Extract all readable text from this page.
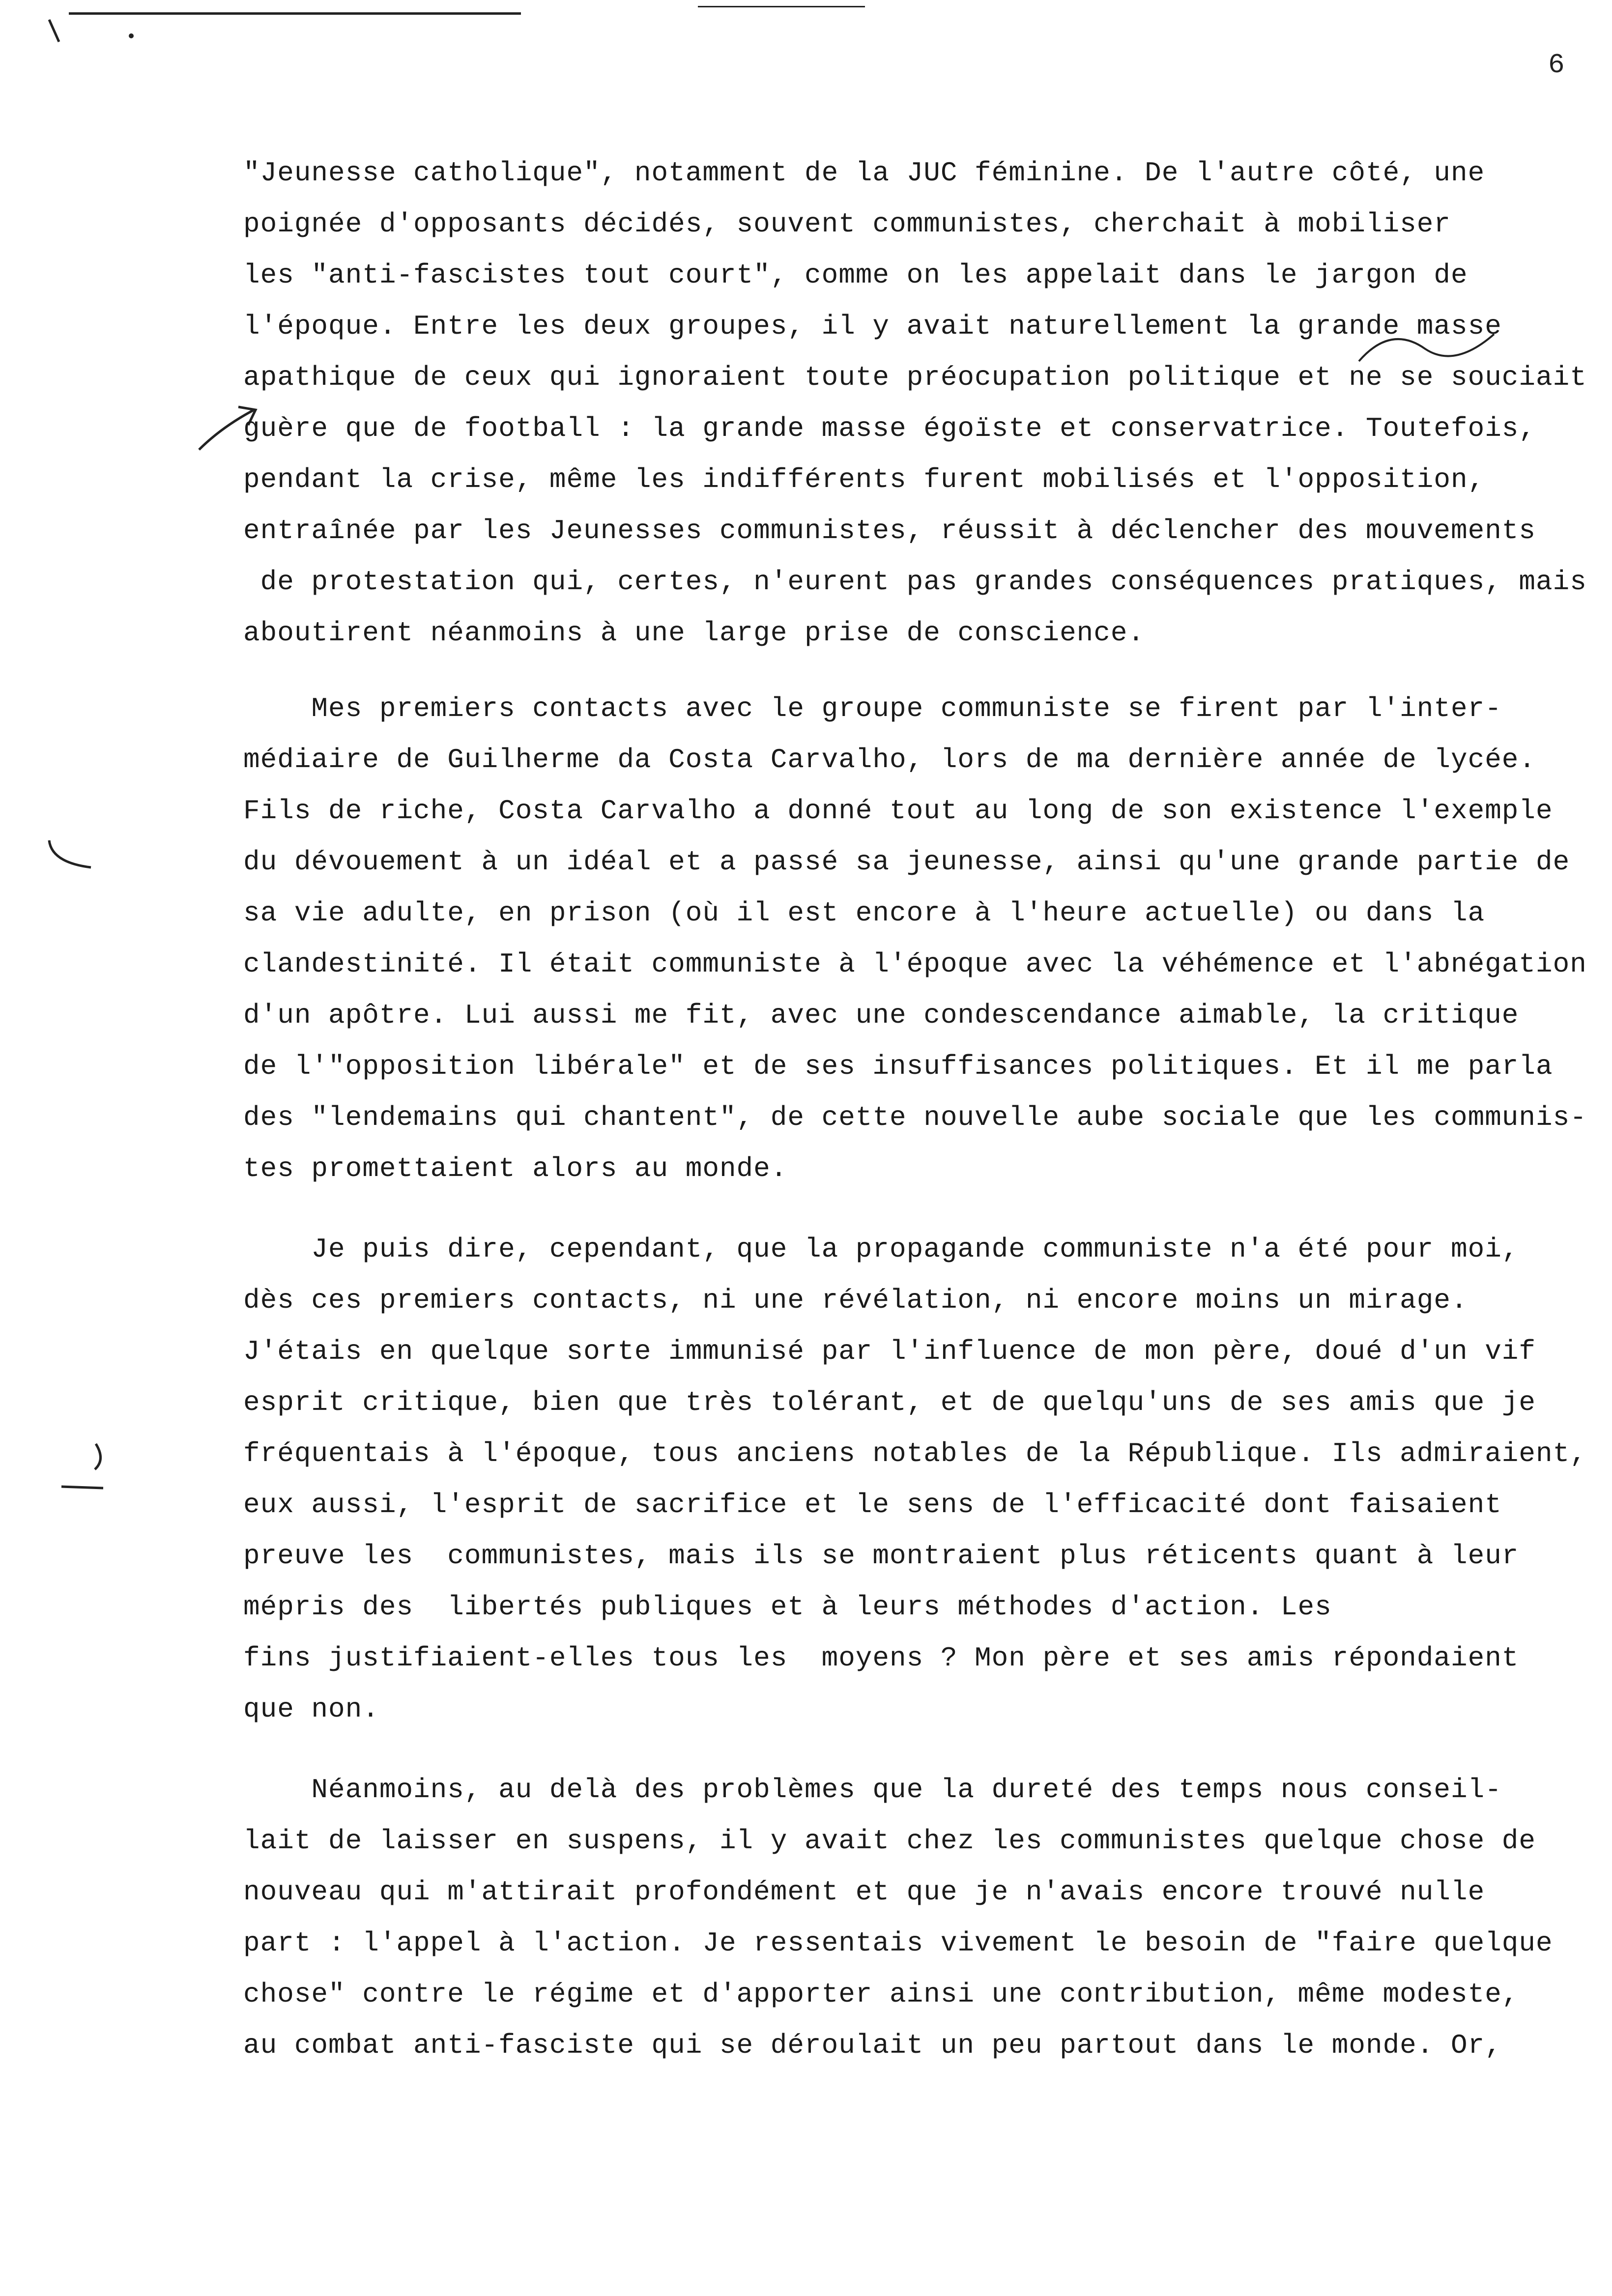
6
"Jeunesse catholique", notamment de la JUC féminine. De l'autre côté, une
poignée d'opposants décidés, souvent communistes, cherchait à mobiliser
les "anti-fascistes tout court", comme on les appelait dans le jargon de
l'époque. Entre les deux groupes, il y avait naturellement la grande masse
apathique de ceux qui ignoraient toute préocupation politique et ne se souciait
guère que de football : la grande masse égoïste et conservatrice. Toutefois,
pendant la crise, même les indifférents furent mobilisés et l'opposition,
entraînée par les Jeunesses communistes, réussit à déclencher des mouvements
de protestation qui, certes, n'eurent pas grandes conséquences pratiques, mais
aboutirent néanmoins à une large prise de conscience.
Mes premiers contacts avec le groupe communiste se firent par l'inter-
médiaire de Guilherme da Costa Carvalho, lors de ma dernière année de lycée.
Fils de riche, Costa Carvalho a donné tout au long de son existence l'exemple
du dévouement à un idéal et a passé sa jeunesse, ainsi qu'une grande partie de
sa vie adulte, en prison (où il est encore à l'heure actuelle) ou dans la
clandestinité. Il était communiste à l'époque avec la véhémence et l'abnégation
d'un apôtre. Lui aussi me fit, avec une condescendance aimable, la critique
de l'"opposition libérale" et de ses insuffisances politiques. Et il me parla
des "lendemains qui chantent", de cette nouvelle aube sociale que les communis-
tes promettaient alors au monde.
Je puis dire, cependant, que la propagande communiste n'a été pour moi,
dès ces premiers contacts, ni une révélation, ni encore moins un mirage.
J'étais en quelque sorte immunisé par l'influence de mon père, doué d'un vif
esprit critique, bien que très tolérant, et de quelqu'uns de ses amis que je
fréquentais à l'époque, tous anciens notables de la République. Ils admiraient,
eux aussi, l'esprit de sacrifice et le sens de l'efficacité dont faisaient
preuve les  communistes, mais ils se montraient plus réticents quant à leur
mépris des  libertés publiques et à leurs méthodes d'action. Les
fins justifiaient-elles tous les  moyens ? Mon père et ses amis répondaient
que non.
Néanmoins, au delà des problèmes que la dureté des temps nous conseil-
lait de laisser en suspens, il y avait chez les communistes quelque chose de
nouveau qui m'attirait profondément et que je n'avais encore trouvé nulle
part : l'appel à l'action. Je ressentais vivement le besoin de "faire quelque
chose" contre le régime et d'apporter ainsi une contribution, même modeste,
au combat anti-fasciste qui se déroulait un peu partout dans le monde. Or,
